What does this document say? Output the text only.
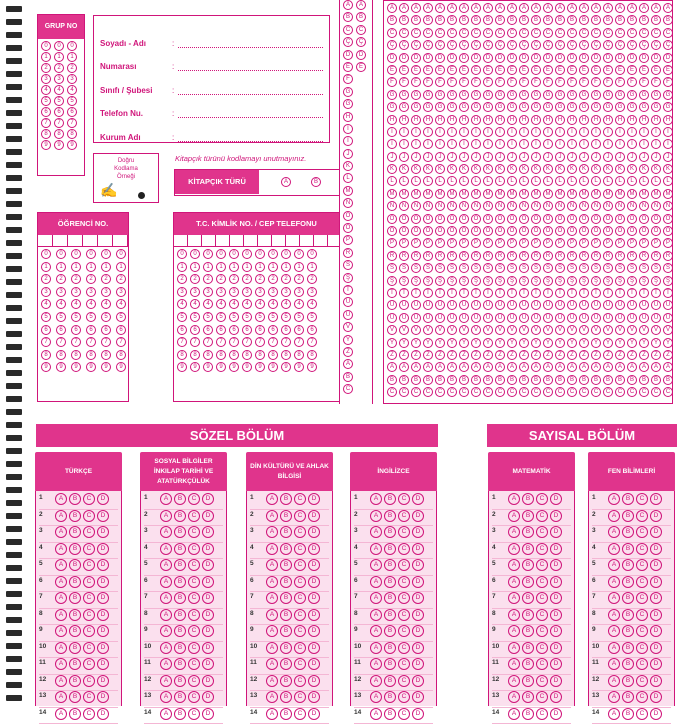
GRUP NO
0 0 0
1 1 1
2 2 2
3 3 3
4 4 4
5 5 5
6 6 6
7 7 7
8 8 8
9 9 9
Soyadı - Adı	:
Numarası	:
Sınıfı / Şubesi	:
Telefon Nu.	:
Kurum Adı	:
Doğru Kodlama Örneği
✍
Kitapçık türünü kodlamayı unutmayınız.
KİTAPÇIK TÜRÜ	A	B
ÖĞRENCİ NO.
0 0 0 0 0 0
1 1 1 1 1 1
2 2 2 2 2 2
3 3 3 3 3 3
4 4 4 4 4 4
5 5 5 5 5 5
6 6 6 6 6 6
7 7 7 7 7 7
8 8 8 8 8 8
9 9 9 9 9 9
T.C. KİMLİK NO. / CEP TELEFONU
0 0 0 0 0 0 0 0 0 0 0
1 1 1 1 1 1 1 1 1 1 1
2 2 2 2 2 2 2 2 2 2 2
3 3 3 3 3 3 3 3 3 3 3
4 4 4 4 4 4 4 4 4 4 4
5 5 5 5 5 5 5 5 5 5 5
6 6 6 6 6 6 6 6 6 6 6
7 7 7 7 7 7 7 7 7 7 7
8 8 8 8 8 8 8 8 8 8 8
9 9 9 9 9 9 9 9 9 9 9
A A
B B
C C
Ç Ç
D D
E E
F
G
Ğ
H
I
İ
J
K
L
M
N
O
Ö
P
R
S
Ş
T
U
Ü
V
Y
Z
A
B
C
A A A A A A A A A A A A A A A A A A A A A A A A
B B B B B B B B B B B B B B B B B B B B B B B B
C C C C C C C C C C C C C C C C C C C C C C C C
Ç Ç Ç Ç Ç Ç Ç Ç Ç Ç Ç Ç Ç Ç Ç Ç Ç Ç Ç Ç Ç Ç Ç Ç
D D D D D D D D D D D D D D D D D D D D D D D D
E E E E E E E E E E E E E E E E E E E E E E E E
F F F F F F F F F F F F F F F F F F F F F F F F
G G G G G G G G G G G G G G G G G G G G G G G G
Ğ Ğ Ğ Ğ Ğ Ğ Ğ Ğ Ğ Ğ Ğ Ğ Ğ Ğ Ğ Ğ Ğ Ğ Ğ Ğ Ğ Ğ Ğ Ğ
H H H H H H H H H H H H H H H H H H H H H H H H
I I I I I I I I I I I I I I I I I I I I I I I I
İ İ İ İ İ İ İ İ İ İ İ İ İ İ İ İ İ İ İ İ İ İ İ İ
J J J J J J J J J J J J J J J J J J J J J J J J
K K K K K K K K K K K K K K K K K K K K K K K K
L L L L L L L L L L L L L L L L L L L L L L L L
M M M M M M M M M M M M M M M M M M M M M M M M
N N N N N N N N N N N N N N N N N N N N N N N N
O O O O O O O O O O O O O O O O O O O O O O O O
Ö Ö Ö Ö Ö Ö Ö Ö Ö Ö Ö Ö Ö Ö Ö Ö Ö Ö Ö Ö Ö Ö Ö Ö
P P P P P P P P P P P P P P P P P P P P P P P P
R R R R R R R R R R R R R R R R R R R R R R R R
S S S S S S S S S S S S S S S S S S S S S S S S
Ş Ş Ş Ş Ş Ş Ş Ş Ş Ş Ş Ş Ş Ş Ş Ş Ş Ş Ş Ş Ş Ş Ş Ş
T T T T T T T T T T T T T T T T T T T T T T T T
U U U U U U U U U U U U U U U U U U U U U U U U
Ü Ü Ü Ü Ü Ü Ü Ü Ü Ü Ü Ü Ü Ü Ü Ü Ü Ü Ü Ü Ü Ü Ü Ü
V V V V V V V V V V V V V V V V V V V V V V V V
Y Y Y Y Y Y Y Y Y Y Y Y Y Y Y Y Y Y Y Y Y Y Y Y
Z Z Z Z Z Z Z Z Z Z Z Z Z Z Z Z Z Z Z Z Z Z Z Z
A A A A A A A A A A A A A A A A A A A A A A A A
B B B B B B B B B B B B B B B B B B B B B B B B
C C C C C C C C C C C C C C C C C C C C C C C C
SÖZEL BÖLÜM	SAYISAL BÖLÜM
TÜRKÇE
1 A B C D
2 A B C D
3 A B C D
4 A B C D
5 A B C D
6 A B C D
7 A B C D
8 A B C D
9 A B C D
10 A B C D
11 A B C D
12 A B C D
13 A B C D
14 A B C D
SOSYAL BİLGİLER İNKILAP TARİHİ VE ATATÜRKÇÜLÜK
1 A B C D
2 A B C D
3 A B C D
4 A B C D
5 A B C D
6 A B C D
7 A B C D
8 A B C D
9 A B C D
10 A B C D
11 A B C D
12 A B C D
13 A B C D
14 A B C D
DİN KÜLTÜRÜ VE AHLAK BİLGİSİ
1 A B C D
2 A B C D
3 A B C D
4 A B C D
5 A B C D
6 A B C D
7 A B C D
8 A B C D
9 A B C D
10 A B C D
11 A B C D
12 A B C D
13 A B C D
14 A B C D
İNGİLİZCE
1 A B C D
2 A B C D
3 A B C D
4 A B C D
5 A B C D
6 A B C D
7 A B C D
8 A B C D
9 A B C D
10 A B C D
11 A B C D
12 A B C D
13 A B C D
14 A B C D
MATEMATİK
1 A B C D
2 A B C D
3 A B C D
4 A B C D
5 A B C D
6 A B C D
7 A B C D
8 A B C D
9 A B C D
10 A B C D
11 A B C D
12 A B C D
13 A B C D
14 A B C D
FEN BİLİMLERİ
1 A B C D
2 A B C D
3 A B C D
4 A B C D
5 A B C D
6 A B C D
7 A B C D
8 A B C D
9 A B C D
10 A B C D
11 A B C D
12 A B C D
13 A B C D
14 A B C D
